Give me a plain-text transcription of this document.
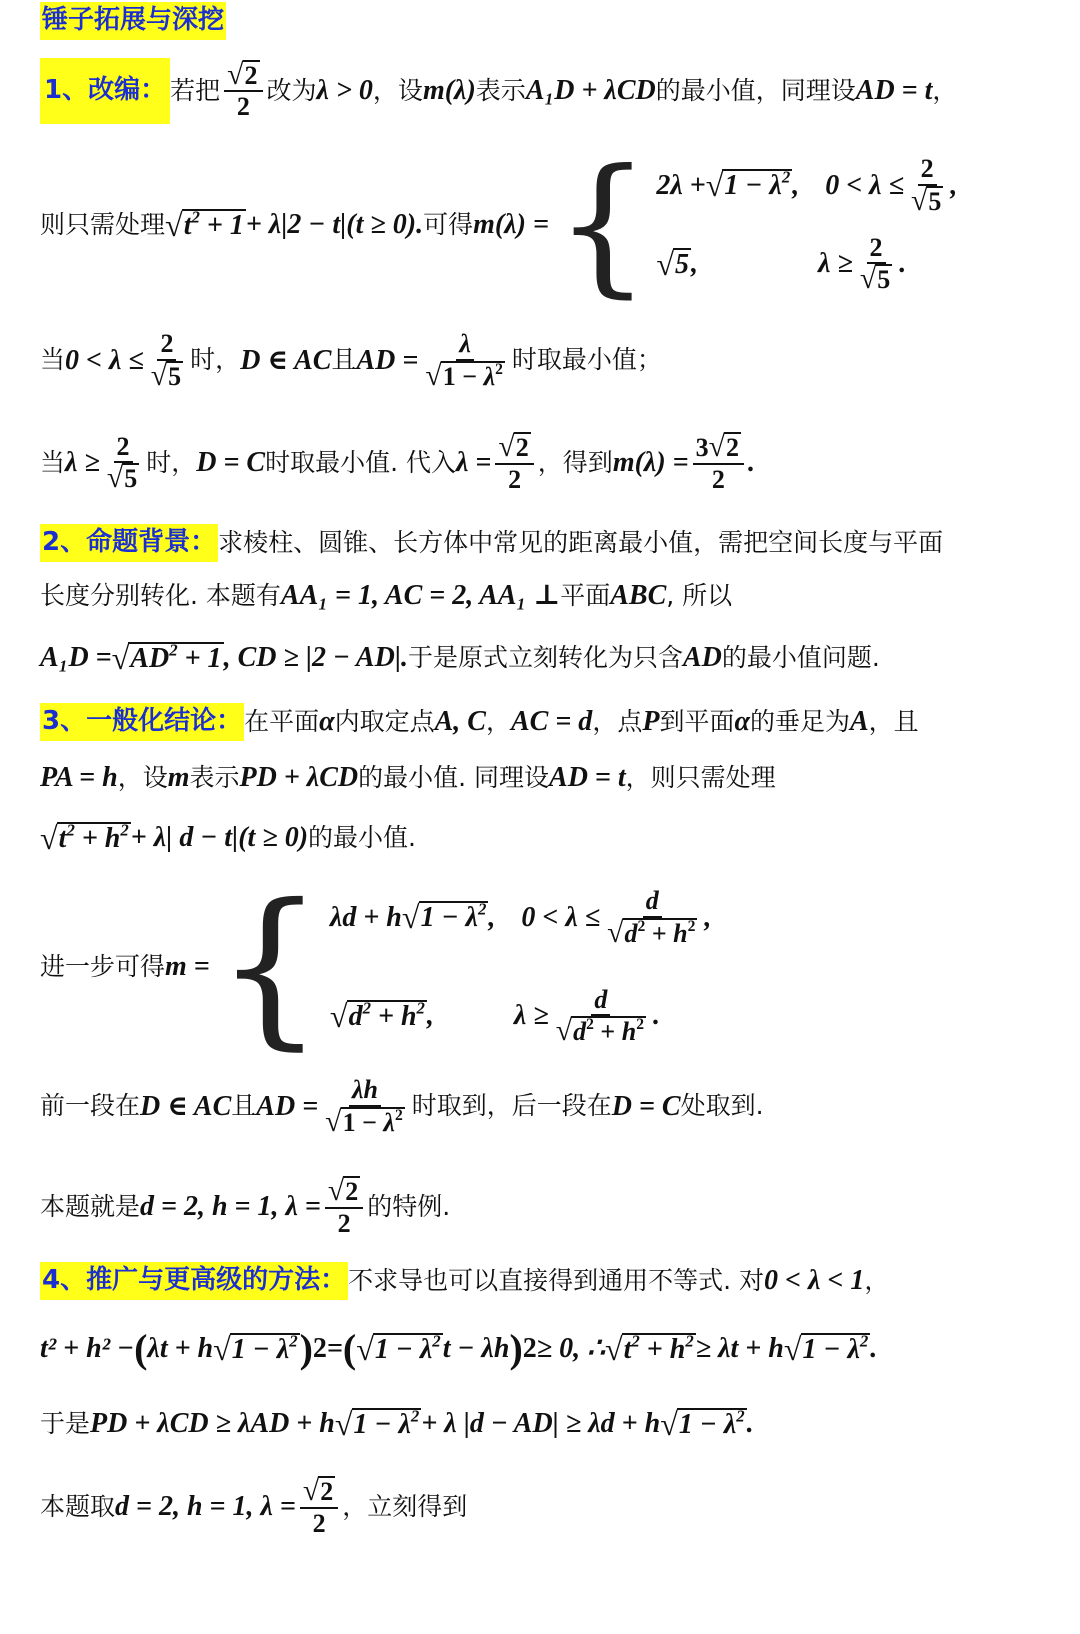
锤子拓展与深挖
1、改编： 若把 $\frac{√ 2}{2}$ 改为 λ > 0 ，设 m(λ) 表示 A₁D + λCD 的最小值，同理设 AD = t ，
则只需处理 √ $t^2 + 1 + \lambda|2 - t|(t \ge 0)$. 可得 m(λ) = { 2λ + √ $1 - \lambda^2$ , $0 < \lambda \le \frac{2}{√ 5}$ ,
√ 5 ,	$\lambda \ge \frac{2}{√ 5}$ .
当 $0 < \lambda \le \frac{2}{√ 5}$ 时， D ∈ AC 且 AD = $\frac{\lambda}{√ 1 - \lambda^2}$ 时取最小值；
当 $\lambda \ge \frac{2}{√ 5}$ 时， D = C 时取最小值. 代入 $\lambda = \frac{√ 2}{2}$ ，得到 $m(\lambda) = \frac{3 √ 2}{2}$ .
2、命题背景： 求棱柱、圆锥、长方体中常见的距离最小值，需把空间长度与平面
长度分别转化. 本题有 AA₁ = 1, AC = 2, AA₁ ⊥ 平面 ABC , 所以
A₁D = √ $AD^2 + 1$ , CD ≥ |2 − AD|. 于是原式立刻转化为只含 AD 的最小值问题.
3、一般化结论： 在平面 α 内取定点 A, C ， AC = d ，点 P 到平面 α 的垂足为 A ，且
PA = h ，设 m 表示 PD + λCD 的最小值. 同理设 AD = t ，则只需处理
√ $t^2 + h^2 + \lambda|$ d − t|(t ≥ 0) 的最小值.
进一步可得 m = { λd + h √ $1 - \lambda^2$ , $0 < \lambda \le \frac{d}{√ d^2 + h^2}$ ,
√ $d^2 + h^2$ ,	$\lambda \ge \frac{d}{√ d^2 + h^2}$ .
前一段在 D ∈ AC 且 AD = $\frac{\lambda h}{√ 1 - \lambda^2}$ 时取到，后一段在 D = C 处取到.
本题就是 d = 2, h = 1, $\lambda = \frac{√ 2}{2}$ 的特例.
4、推广与更高级的方法： 不求导也可以直接得到通用不等式. 对 0 < λ < 1 ，
t² + h² − ( λt + h √ $1 - \lambda^2$ ) 2 = ( √ $1 - \lambda^2$ t − λh ) 2 ≥ 0, ∴ √ $t^2 + h^2 \ge \lambda t + h$ √ $1 - \lambda^2$ .
于是 PD + λCD ≥ λAD + h √ $1 - \lambda^2 + \lambda$ |d − AD| ≥ λd + h √ $1 - \lambda^2$ .
本题取 d = 2, h = 1, $\lambda = \frac{√ 2}{2}$ ，立刻得到
